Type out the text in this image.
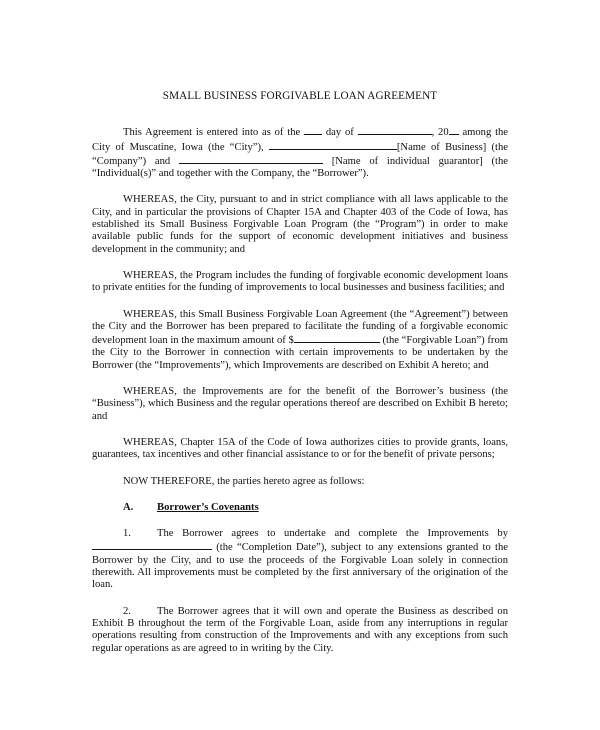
SMALL BUSINESS FORGIVABLE LOAN AGREEMENT

This Agreement is entered into as of the day of	, 20 among the City of Muscatine, Iowa (the “City”),	[Name of Business] (the “Company”) and	[Name of individual guarantor] (the “Individual(s)” and together with the Company, the “Borrower”).

WHEREAS, the City, pursuant to and in strict compliance with all laws applicable to the City, and in particular the provisions of Chapter 15A and Chapter 403 of the Code of Iowa, has established its Small Business Forgivable Loan Program (the “Program”) in order to make available public funds for the support of economic development initiatives and business development in the community; and

WHEREAS, the Program includes the funding of forgivable economic development loans to private entities for the funding of improvements to local businesses and business facilities; and

WHEREAS, this Small Business Forgivable Loan Agreement (the “Agreement”) between the City and the Borrower has been prepared to facilitate the funding of a forgivable economic development loan in the maximum amount of $	(the “Forgivable Loan”) from the City to the Borrower in connection with certain improvements to be undertaken by the Borrower (the “Improvements”), which Improvements are described on Exhibit A hereto; and

WHEREAS, the Improvements are for the benefit of the Borrower’s business (the “Business”), which Business and the regular operations thereof are described on Exhibit B hereto; and

WHEREAS, Chapter 15A of the Code of Iowa authorizes cities to provide grants, loans, guarantees, tax incentives and other financial assistance to or for the benefit of private persons;

NOW THEREFORE, the parties hereto agree as follows:

A. Borrower’s Covenants

1. The Borrower agrees to undertake and complete the Improvements by  (the “Completion Date”), subject to any extensions granted to the Borrower by the City, and to use the proceeds of the Forgivable Loan solely in connection therewith. All improvements must be completed by the first anniversary of the origination of the loan.

2. The Borrower agrees that it will own and operate the Business as described on Exhibit B throughout the term of the Forgivable Loan, aside from any interruptions in regular operations resulting from construction of the Improvements and with any exceptions from such regular operations as are agreed to in writing by the City.
